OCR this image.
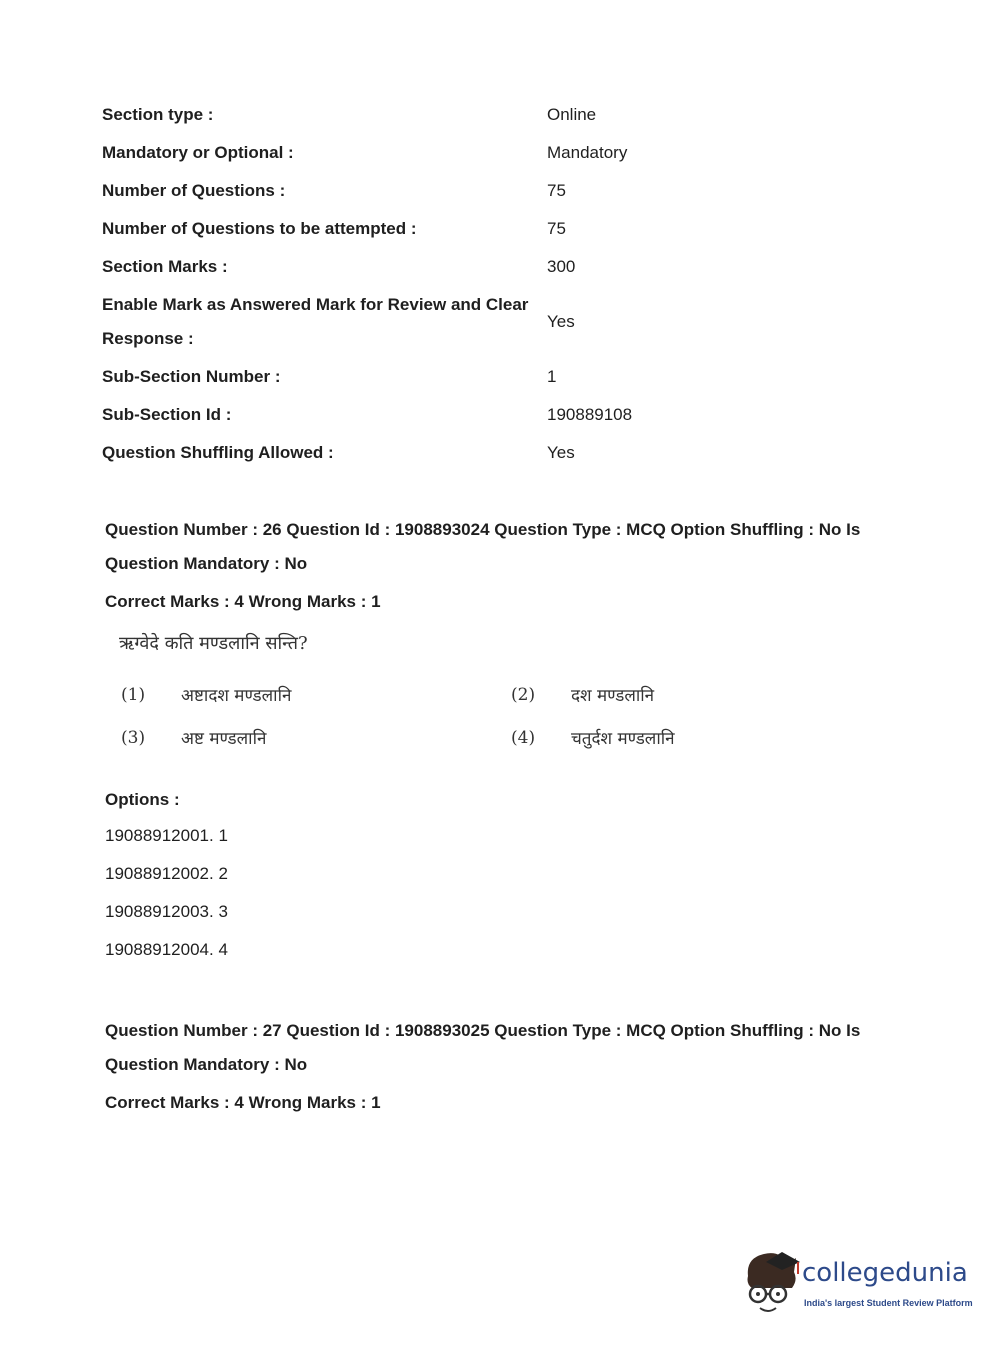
Section type :	Online
Mandatory or Optional :	Mandatory
Number of Questions :	75
Number of Questions to be attempted :	75
Section Marks :	300
Enable Mark as Answered Mark for Review and Clear Response :
Yes
Sub-Section Number :	1
Sub-Section Id :	190889108
Question Shuffling Allowed :	Yes
Question Number : 26 Question Id : 1908893024 Question Type : MCQ Option Shuffling : No Is Question Mandatory : No
Correct Marks : 4 Wrong Marks : 1
ऋग्वेदे कति मण्डलानि सन्ति?
(1)	अष्टादश मण्डलानि	(2)	दश मण्डलानि
(3)	अष्ट मण्डलानि	(4)	चतुर्दश मण्डलानि
Options :
19088912001. 1
19088912002. 2
19088912003. 3
19088912004. 4
Question Number : 27 Question Id : 1908893025 Question Type : MCQ Option Shuffling : No Is Question Mandatory : No
Correct Marks : 4 Wrong Marks : 1
collegedunia
India's largest Student Review Platform
